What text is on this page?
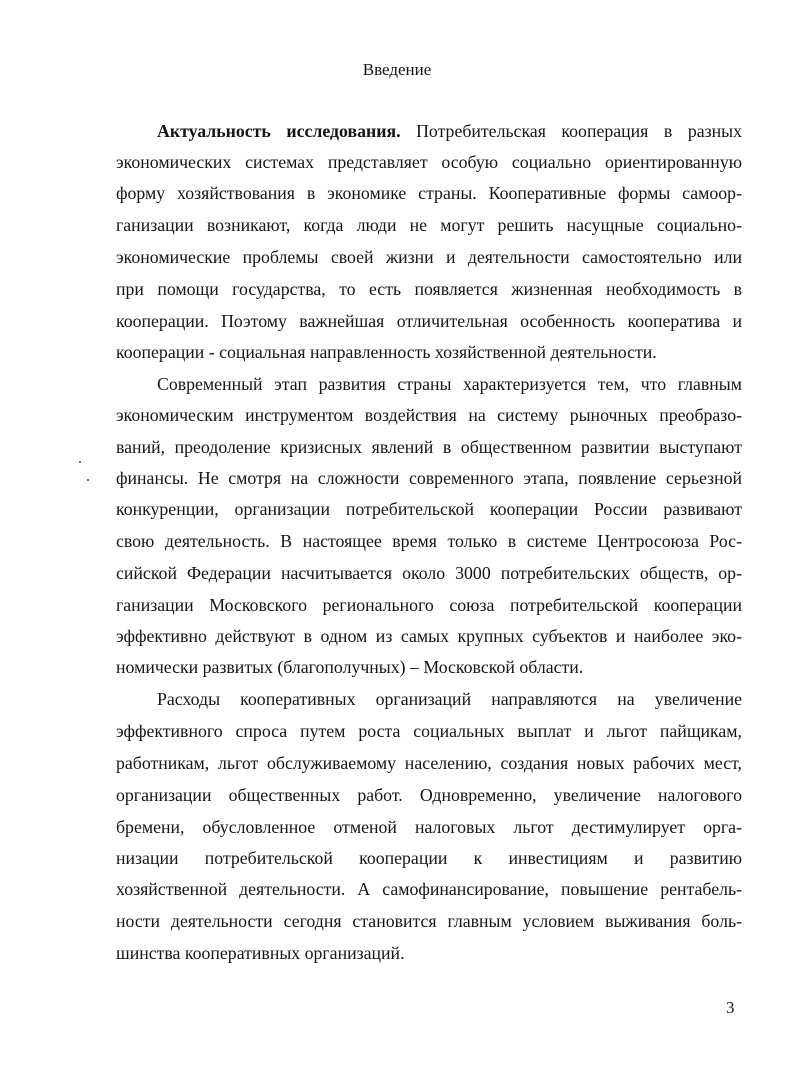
Введение
Актуальность исследования. Потребительская кооперация в разных
экономических системах представляет особую социально ориентированную
форму хозяйствования в экономике страны. Кооперативные формы самоор-
ганизации возникают, когда люди не могут решить насущные социально-
экономические проблемы своей жизни и деятельности самостоятельно или
при помощи государства, то есть появляется жизненная необходимость в
кооперации. Поэтому важнейшая отличительная особенность кооператива и
кооперации - социальная направленность хозяйственной деятельности.
Современный этап развития страны характеризуется тем, что главным
экономическим инструментом воздействия на систему рыночных преобразо-
ваний, преодоление кризисных явлений в общественном развитии выступают
финансы. Не смотря на сложности современного этапа, появление серьезной
конкуренции, организации потребительской кооперации России развивают
свою деятельность. В настоящее время только в системе Центросоюза Рос-
сийской Федерации насчитывается около 3000 потребительских обществ, ор-
ганизации Московского регионального союза потребительской кооперации
эффективно действуют в одном из самых крупных субъектов и наиболее эко-
номически развитых (благополучных) – Московской области.
Расходы кооперативных организаций направляются на увеличение
эффективного спроса путем роста социальных выплат и льгот пайщикам,
работникам, льгот обслуживаемому населению, создания новых рабочих мест,
организации общественных работ. Одновременно, увеличение налогового
бремени, обусловленное отменой налоговых льгот дестимулирует орга-
низации потребительской кооперации к инвестициям и развитию
хозяйственной деятельности. А самофинансирование, повышение рентабель-
ности деятельности сегодня становится главным условием выживания боль-
шинства кооперативных организаций.
3
